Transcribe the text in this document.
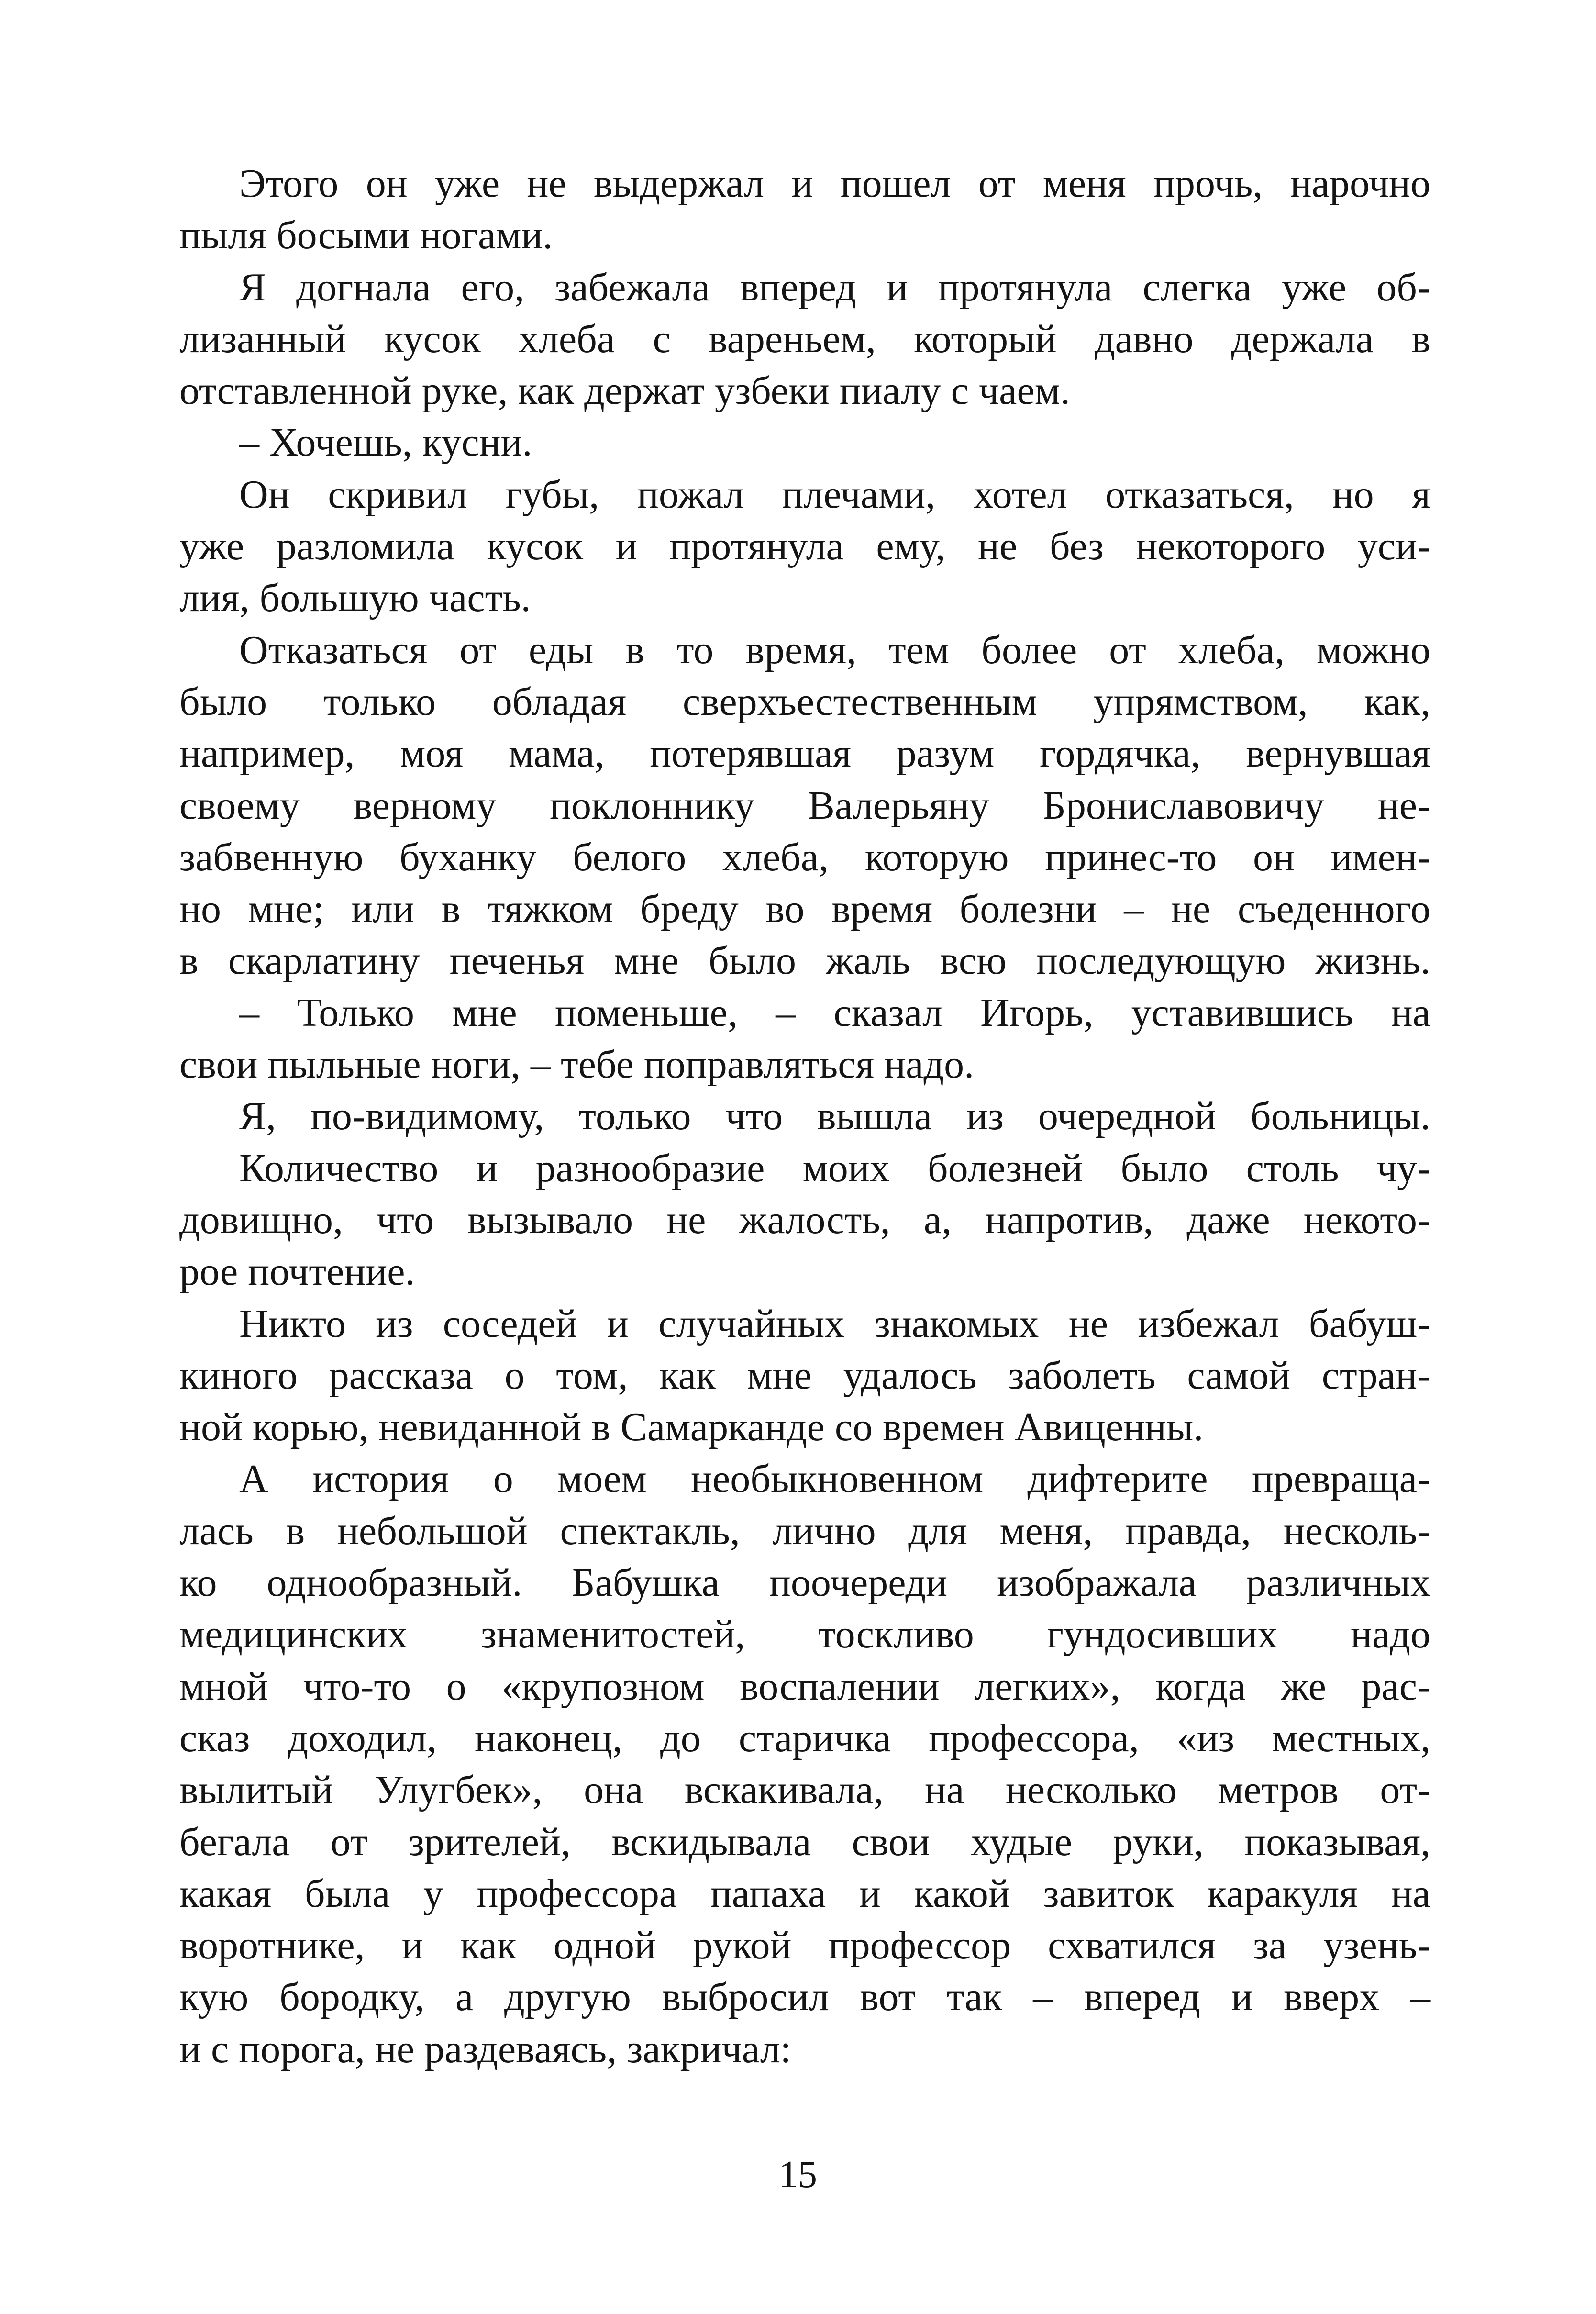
Этого он уже не выдержал и пошел от меня прочь, нарочно
пыля босыми ногами.
Я догнала его, забежала вперед и протянула слегка уже об-
лизанный кусок хлеба с вареньем, который давно держала в
отставленной руке, как держат узбеки пиалу с чаем.
– Хочешь, кусни.
Он скривил губы, пожал плечами, хотел отказаться, но я
уже разломила кусок и протянула ему, не без некоторого уси-
лия, большую часть.
Отказаться от еды в то время, тем более от хлеба, можно
было только обладая сверхъестественным упрямством, как,
например, моя мама, потерявшая разум гордячка, вернувшая
своему верному поклоннику Валерьяну Брониславовичу не-
забвенную буханку белого хлеба, которую принес-то он имен-
но мне; или в тяжком бреду во время болезни – не съеденного
в скарлатину печенья мне было жаль всю последующую жизнь.
– Только мне поменьше, – сказал Игорь, уставившись на
свои пыльные ноги, – тебе поправляться надо.
Я, по-видимому, только что вышла из очередной больницы.
Количество и разнообразие моих болезней было столь чу-
довищно, что вызывало не жалость, а, напротив, даже некото-
рое почтение.
Никто из соседей и случайных знакомых не избежал бабуш-
киного рассказа о том, как мне удалось заболеть самой стран-
ной корью, невиданной в Самарканде со времен Авиценны.
А история о моем необыкновенном дифтерите превраща-
лась в небольшой спектакль, лично для меня, правда, несколь-
ко однообразный. Бабушка поочереди изображала различных
медицинских знаменитостей, тоскливо гундосивших надо
мной что-то о «крупозном воспалении легких», когда же рас-
сказ доходил, наконец, до старичка профессора, «из местных,
вылитый Улугбек», она вскакивала, на несколько метров от-
бегала от зрителей, вскидывала свои худые руки, показывая,
какая была у профессора папаха и какой завиток каракуля на
воротнике, и как одной рукой профессор схватился за узень-
кую бородку, а другую выбросил вот так – вперед и вверх –
и с порога, не раздеваясь, закричал:
15
